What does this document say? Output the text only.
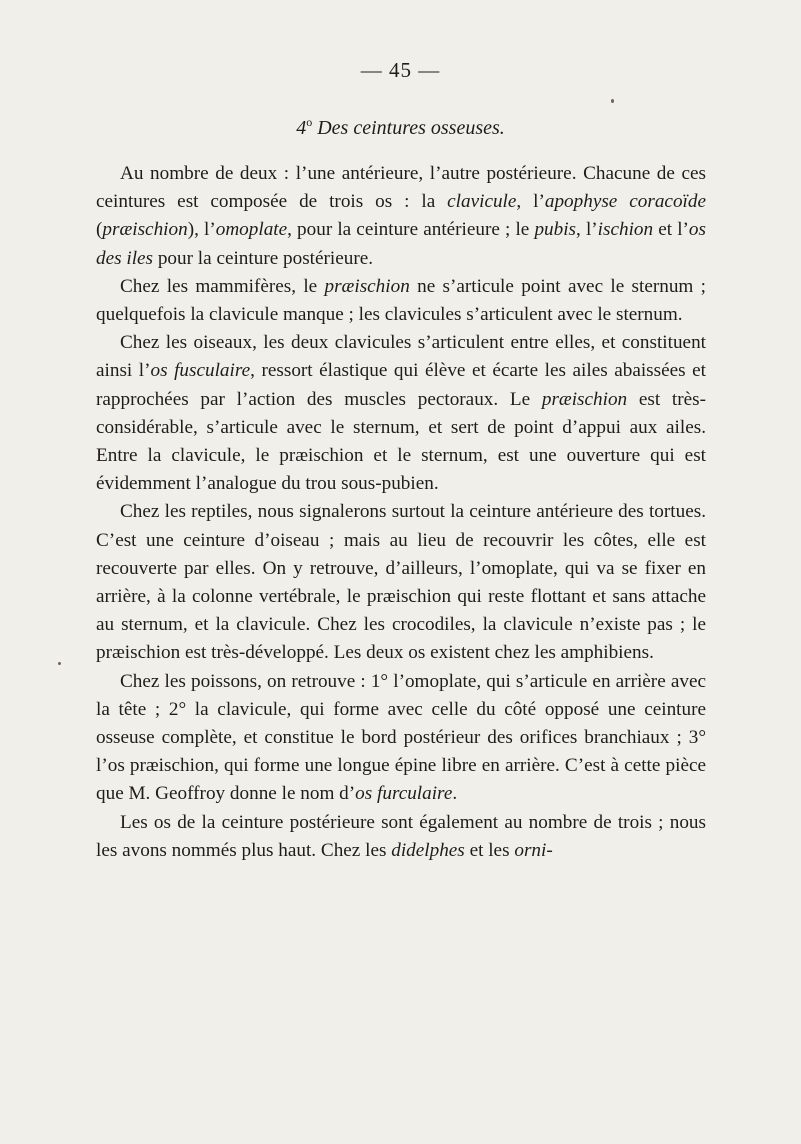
— 45 —
4$^o$ Des ceintures osseuses.

Au nombre de deux : l’une antérieure, l’autre postérieure. Chacune de ces ceintures est composée de trois os : la clavicule, l’apophyse coracoïde (præischion), l’omoplate, pour la ceinture antérieure ; le pubis, l’ischion et l’os des iles pour la ceinture postérieure.

Chez les mammifères, le præischion ne s’articule point avec le sternum ; quelquefois la clavicule manque ; les clavicules s’articulent avec le sternum.

Chez les oiseaux, les deux clavicules s’articulent entre elles, et constituent ainsi l’os fusculaire, ressort élastique qui élève et écarte les ailes abaissées et rapprochées par l’action des muscles pectoraux. Le præischion est très-considérable, s’articule avec le sternum, et sert de point d’appui aux ailes. Entre la clavicule, le præischion et le sternum, est une ouverture qui est évidemment l’analogue du trou sous-pubien.

Chez les reptiles, nous signalerons surtout la ceinture antérieure des tortues. C’est une ceinture d’oiseau ; mais au lieu de recouvrir les côtes, elle est recouverte par elles. On y retrouve, d’ailleurs, l’omoplate, qui va se fixer en arrière, à la colonne vertébrale, le præischion qui reste flottant et sans attache au sternum, et la clavicule. Chez les crocodiles, la clavicule n’existe pas ; le præischion est très-développé. Les deux os existent chez les amphibiens.

Chez les poissons, on retrouve : 1° l’omoplate, qui s’articule en arrière avec la tête ; 2° la clavicule, qui forme avec celle du côté opposé une ceinture osseuse complète, et constitue le bord postérieur des orifices branchiaux ; 3° l’os præischion, qui forme une longue épine libre en arrière. C’est à cette pièce que M. Geoffroy donne le nom d’os furculaire.

Les os de la ceinture postérieure sont également au nombre de trois ; nous les avons nommés plus haut. Chez les didelphes et les orni-
